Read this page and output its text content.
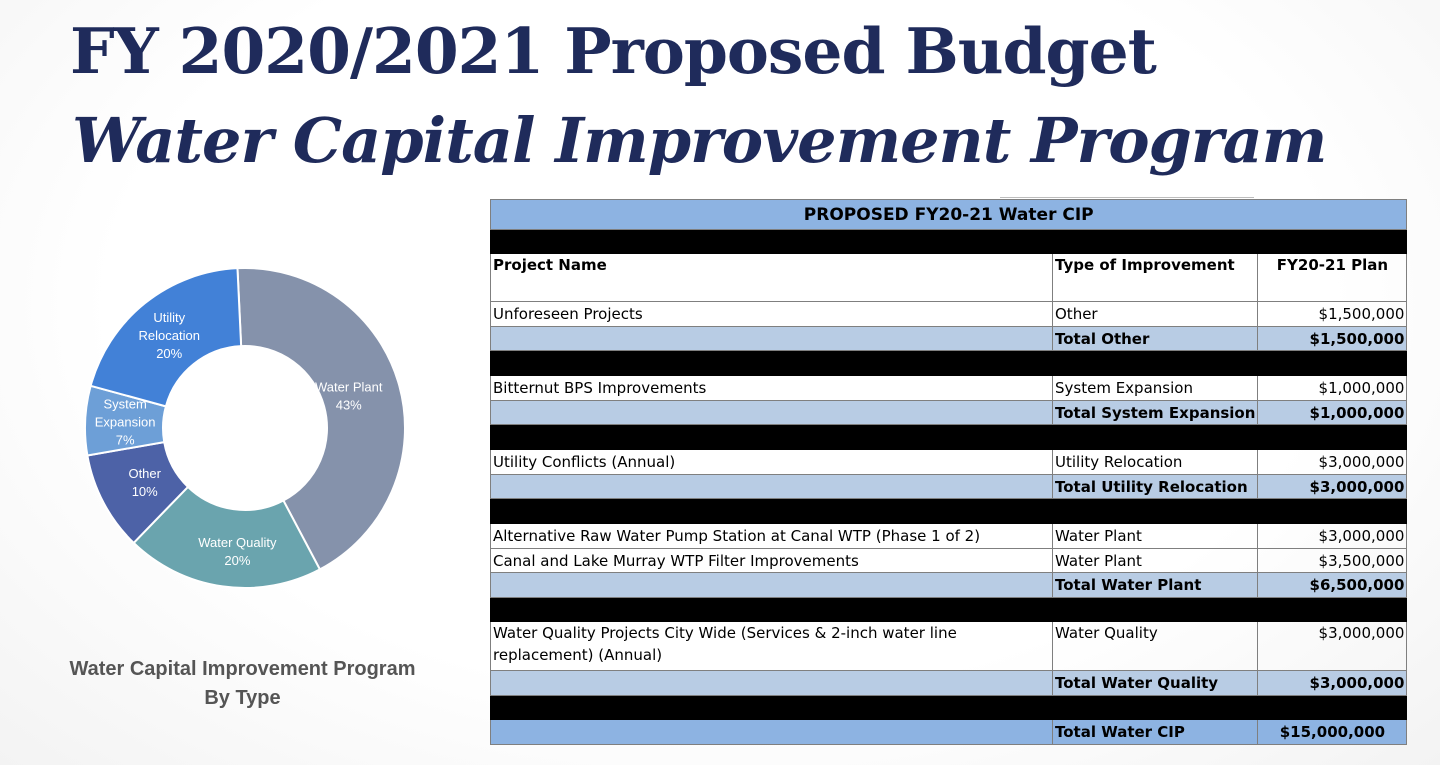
FY 2020/2021 Proposed Budget
Water Capital Improvement Program
Water Plant 43%
Water Quality 20%
Other 10%
System Expansion 7%
Utility Relocation 20%
Water Capital Improvement Program
By Type
PROPOSED FY20-21 Water CIP		

Project Name	Type of Improvement	FY20-21 Plan
Unforeseen Projects	Other	$1,500,000
	Total Other	$1,500,000

Bitternut BPS Improvements	System Expansion	$1,000,000
	Total System Expansion	$1,000,000

Utility Conflicts (Annual)	Utility Relocation	$3,000,000
	Total Utility Relocation	$3,000,000

Alternative Raw Water Pump Station at Canal WTP (Phase 1 of 2)	Water Plant	$3,000,000
Canal and Lake Murray WTP Filter Improvements	Water Plant	$3,500,000
	Total Water Plant	$6,500,000

Water Quality Projects City Wide (Services & 2-inch water line replacement) (Annual)	Water Quality	$3,000,000
	Total Water Quality	$3,000,000

	Total Water CIP	$15,000,000
